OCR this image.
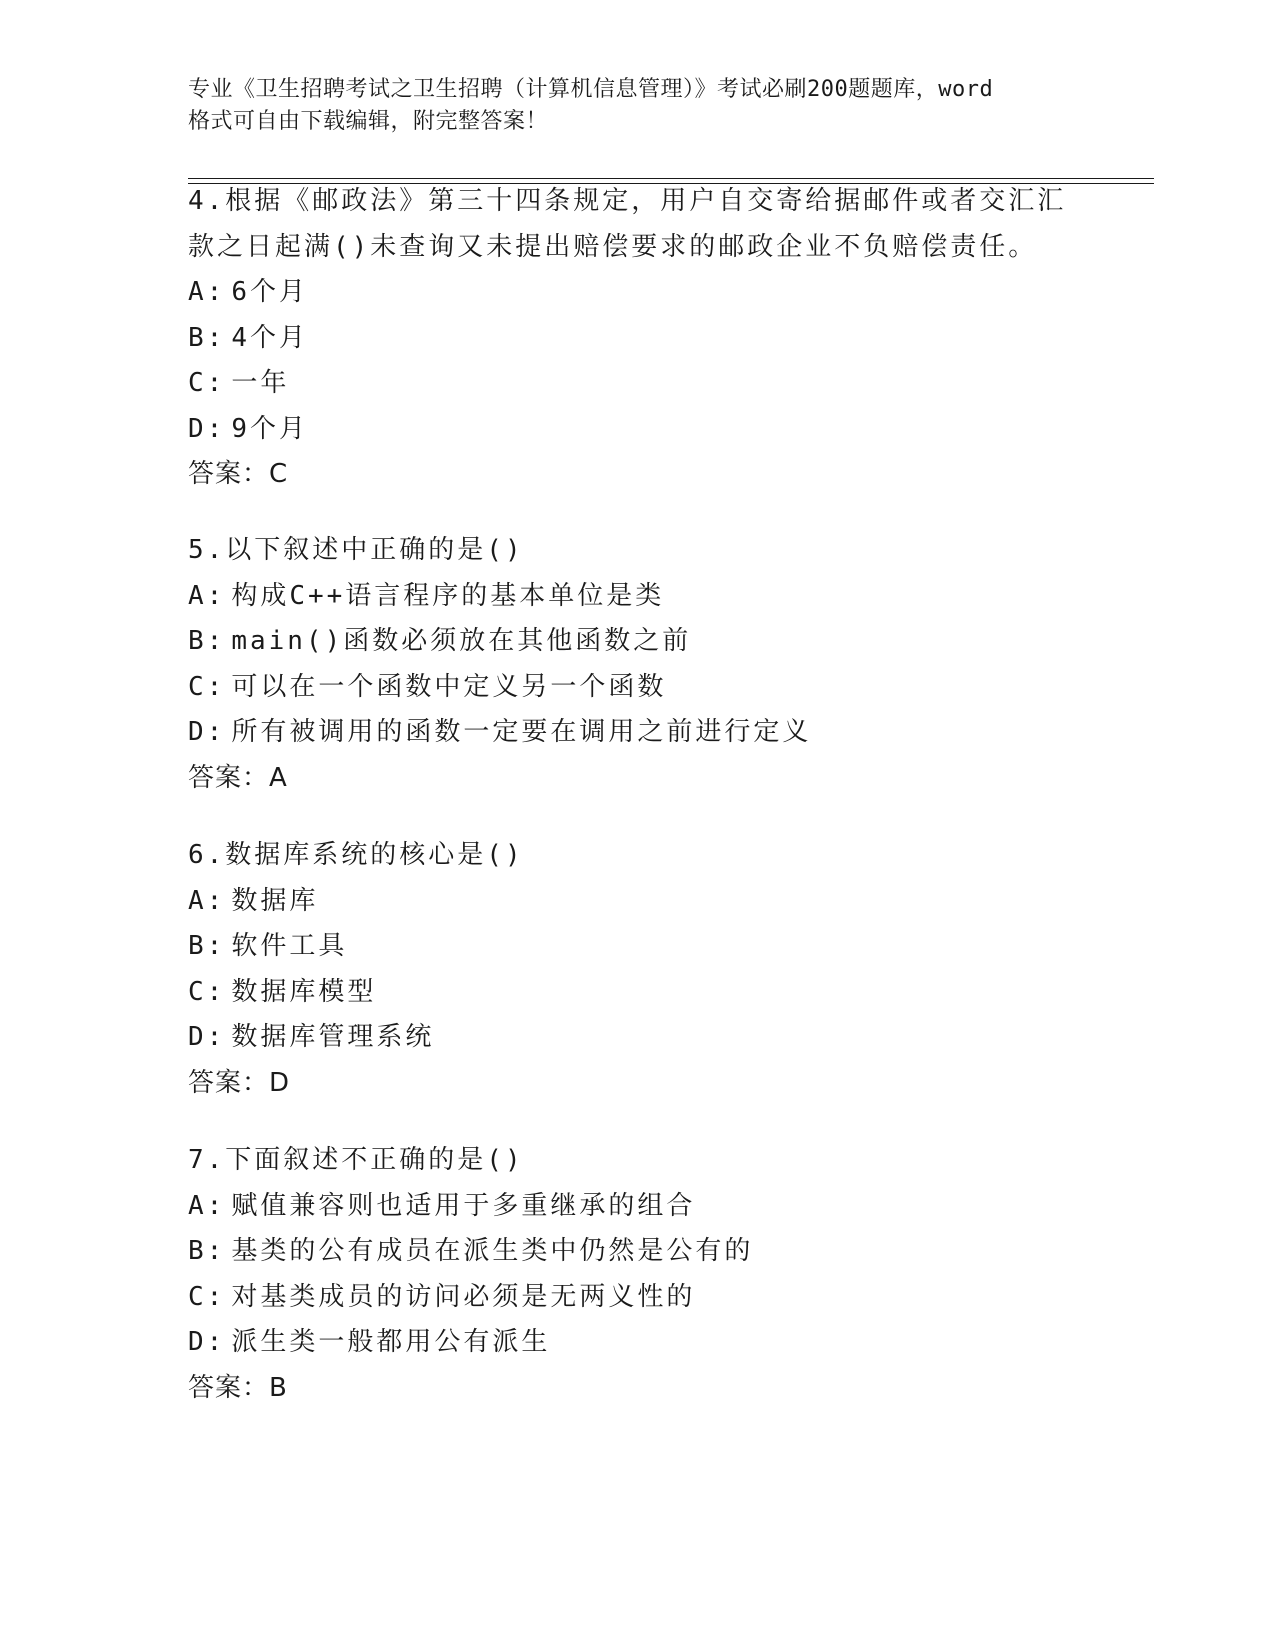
专业《卫生招聘考试之卫生招聘（计算机信息管理）》考试必刷200题题库，word
格式可自由下载编辑，附完整答案！
4.根据《邮政法》第三十四条规定，用户自交寄给据邮件或者交汇汇
款之日起满()未查询又未提出赔偿要求的邮政企业不负赔偿责任。
A: 6个月
B: 4个月
C: 一年
D: 9个月
答案：C
5.以下叙述中正确的是()
A: 构成C++语言程序的基本单位是类
B: main()函数必须放在其他函数之前
C: 可以在一个函数中定义另一个函数
D: 所有被调用的函数一定要在调用之前进行定义
答案：A
6.数据库系统的核心是()
A: 数据库
B: 软件工具
C: 数据库模型
D: 数据库管理系统
答案：D
7.下面叙述不正确的是()
A: 赋值兼容则也适用于多重继承的组合
B: 基类的公有成员在派生类中仍然是公有的
C: 对基类成员的访问必须是无两义性的
D: 派生类一般都用公有派生
答案：B
